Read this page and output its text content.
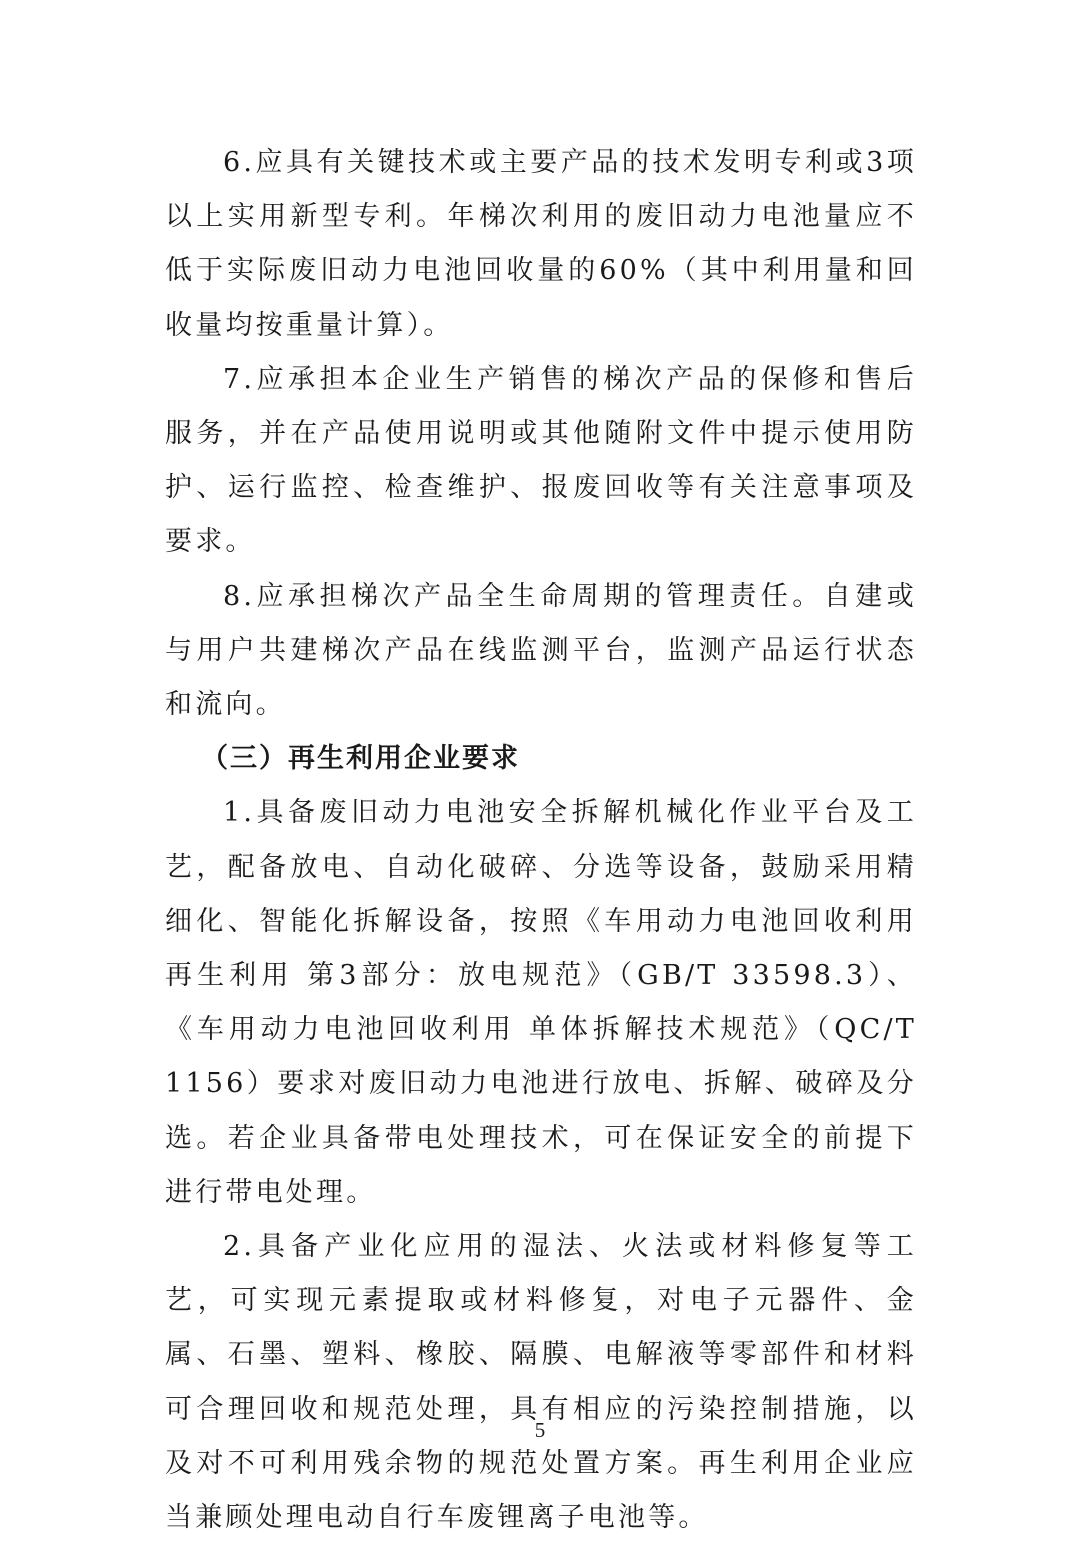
6.应具有关键技术或主要产品的技术发明专利或3项以上实用新型专利。年梯次利用的废旧动力电池量应不低于实际废旧动力电池回收量的60%（其中利用量和回收量均按重量计算）。

7.应承担本企业生产销售的梯次产品的保修和售后服务，并在产品使用说明或其他随附文件中提示使用防护、运行监控、检查维护、报废回收等有关注意事项及要求。

8.应承担梯次产品全生命周期的管理责任。自建或与用户共建梯次产品在线监测平台，监测产品运行状态和流向。

（三）再生利用企业要求

1.具备废旧动力电池安全拆解机械化作业平台及工艺，配备放电、自动化破碎、分选等设备，鼓励采用精细化、智能化拆解设备，按照《车用动力电池回收利用 再生利用 第3部分：放电规范》（GB/T 33598.3）、《车用动力电池回收利用 单体拆解技术规范》（QC/T 1156）要求对废旧动力电池进行放电、拆解、破碎及分选。若企业具备带电处理技术，可在保证安全的前提下进行带电处理。

2.具备产业化应用的湿法、火法或材料修复等工艺，可实现元素提取或材料修复，对电子元器件、金属、石墨、塑料、橡胶、隔膜、电解液等零部件和材料可合理回收和规范处理，具有相应的污染控制措施，以及对不可利用残余物的规范处置方案。再生利用企业应当兼顾处理电动自行车废锂离子电池等。

5
